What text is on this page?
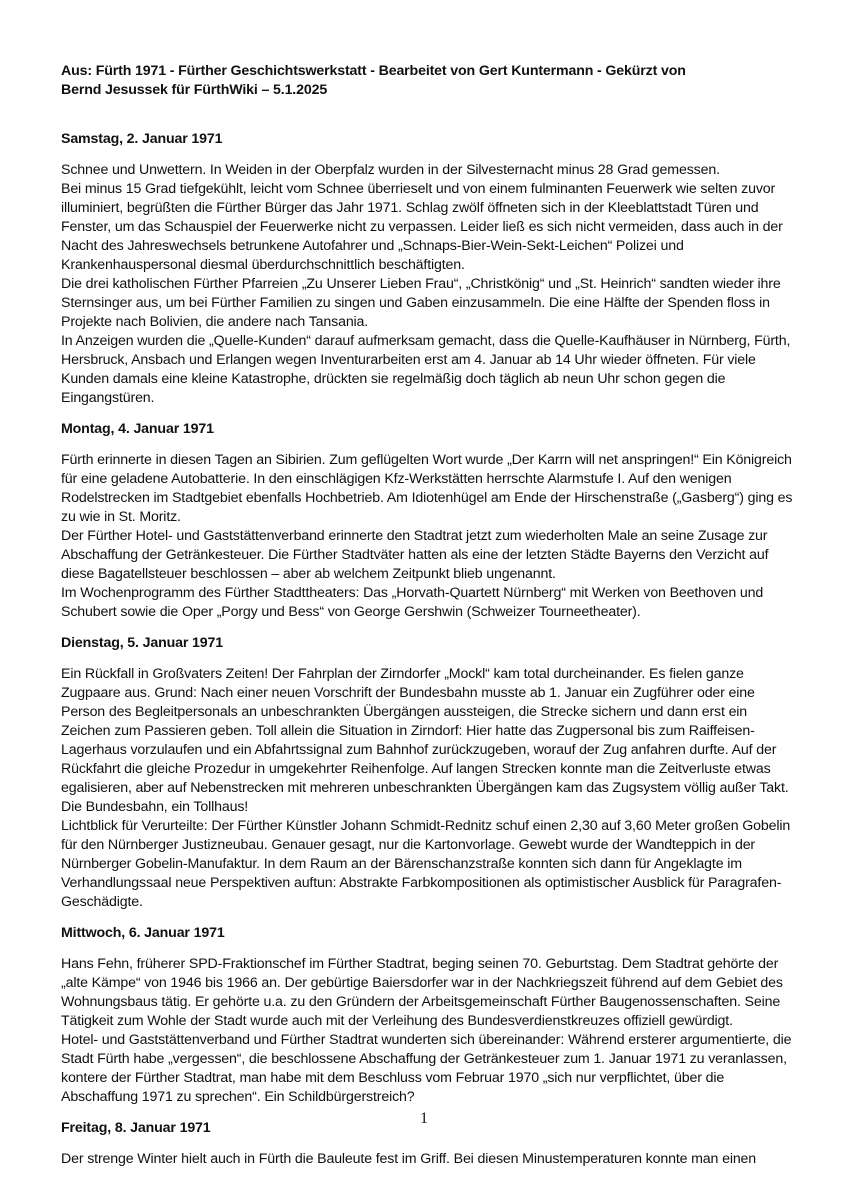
Aus: Fürth 1971 - Fürther Geschichtswerkstatt - Bearbeitet von Gert Kuntermann - Gekürzt von
Bernd Jesussek für FürthWiki – 5.1.2025

Samstag, 2. Januar 1971

Schnee und Unwettern. In Weiden in der Oberpfalz wurden in der Silvesternacht minus 28 Grad gemessen.

Bei minus 15 Grad tiefgekühlt, leicht vom Schnee überrieselt und von einem fulminanten Feuerwerk wie selten zuvor illuminiert, begrüßten die Fürther Bürger das Jahr 1971. Schlag zwölf öffneten sich in der Kleeblattstadt Türen und Fenster, um das Schauspiel der Feuerwerke nicht zu verpassen. Leider ließ es sich nicht vermeiden, dass auch in der Nacht des Jahreswechsels betrunkene Autofahrer und „Schnaps-Bier-Wein-Sekt-Leichen“ Polizei und Krankenhauspersonal diesmal überdurchschnittlich beschäftigten.

Die drei katholischen Fürther Pfarreien „Zu Unserer Lieben Frau“, „Christkönig“ und „St. Heinrich“ sandten wieder ihre Sternsinger aus, um bei Fürther Familien zu singen und Gaben einzusammeln. Die eine Hälfte der Spenden floss in Projekte nach Bolivien, die andere nach Tansania.

In Anzeigen wurden die „Quelle-Kunden“ darauf aufmerksam gemacht, dass die Quelle-Kaufhäuser in Nürnberg, Fürth, Hersbruck, Ansbach und Erlangen wegen Inventurarbeiten erst am 4. Januar ab 14 Uhr wieder öffneten. Für viele Kunden damals eine kleine Katastrophe, drückten sie regelmäßig doch täglich ab neun Uhr schon gegen die Eingangstüren.

Montag, 4. Januar 1971

Fürth erinnerte in diesen Tagen an Sibirien. Zum geflügelten Wort wurde „Der Karrn will net anspringen!“ Ein Königreich für eine geladene Autobatterie. In den einschlägigen Kfz-Werkstätten herrschte Alarmstufe I. Auf den wenigen Rodelstrecken im Stadtgebiet ebenfalls Hochbetrieb. Am Idiotenhügel am Ende der Hirschenstraße („Gasberg“) ging es zu wie in St. Moritz.

Der Fürther Hotel- und Gaststättenverband erinnerte den Stadtrat jetzt zum wiederholten Male an seine Zusage zur Abschaffung der Getränkesteuer. Die Fürther Stadtväter hatten als eine der letzten Städte Bayerns den Verzicht auf diese Bagatellsteuer beschlossen – aber ab welchem Zeitpunkt blieb ungenannt.

Im Wochenprogramm des Fürther Stadttheaters: Das „Horvath-Quartett Nürnberg“ mit Werken von Beethoven und Schubert sowie die Oper „Porgy und Bess“ von George Gershwin (Schweizer Tourneetheater).

Dienstag, 5. Januar 1971

Ein Rückfall in Großvaters Zeiten! Der Fahrplan der Zirndorfer „Mockl“ kam total durcheinander. Es fielen ganze Zugpaare aus. Grund: Nach einer neuen Vorschrift der Bundesbahn musste ab 1. Januar ein Zugführer oder eine Person des Begleitpersonals an unbeschrankten Übergängen aussteigen, die Strecke sichern und dann erst ein Zeichen zum Passieren geben. Toll allein die Situation in Zirndorf: Hier hatte das Zugpersonal bis zum Raiffeisen-Lagerhaus vorzulaufen und ein Abfahrtssignal zum Bahnhof zurückzugeben, worauf der Zug anfahren durfte. Auf der Rückfahrt die gleiche Prozedur in umgekehrter Reihenfolge. Auf langen Strecken konnte man die Zeitverluste etwas egalisieren, aber auf Nebenstrecken mit mehreren unbeschrankten Übergängen kam das Zugsystem völlig außer Takt. Die Bundesbahn, ein Tollhaus!

Lichtblick für Verurteilte: Der Fürther Künstler Johann Schmidt-Rednitz schuf einen 2,30 auf 3,60 Meter großen Gobelin für den Nürnberger Justizneubau. Genauer gesagt, nur die Kartonvorlage. Gewebt wurde der Wandteppich in der Nürnberger Gobelin-Manufaktur. In dem Raum an der Bärenschanzstraße konnten sich dann für Angeklagte im Verhandlungssaal neue Perspektiven auftun: Abstrakte Farbkompositionen als optimistischer Ausblick für Paragrafen-Geschädigte.

Mittwoch, 6. Januar 1971

Hans Fehn, früherer SPD-Fraktionschef im Fürther Stadtrat, beging seinen 70. Geburtstag. Dem Stadtrat gehörte der „alte Kämpe“ von 1946 bis 1966 an. Der gebürtige Baiersdorfer war in der Nachkriegszeit führend auf dem Gebiet des Wohnungsbaus tätig. Er gehörte u.a. zu den Gründern der Arbeitsgemeinschaft Fürther Baugenossenschaften. Seine Tätigkeit zum Wohle der Stadt wurde auch mit der Verleihung des Bundesverdienstkreuzes offiziell gewürdigt.

Hotel- und Gaststättenverband und Fürther Stadtrat wunderten sich übereinander: Während ersterer argumentierte, die Stadt Fürth habe „vergessen“, die beschlossene Abschaffung der Getränkesteuer zum 1. Januar 1971 zu veranlassen, kontere der Fürther Stadtrat, man habe mit dem Beschluss vom Februar 1970 „sich nur verpflichtet, über die Abschaffung 1971 zu sprechen“. Ein Schildbürgerstreich?

Freitag, 8. Januar 1971

Der strenge Winter hielt auch in Fürth die Bauleute fest im Griff. Bei diesen Minustemperaturen konnte man einen

1
